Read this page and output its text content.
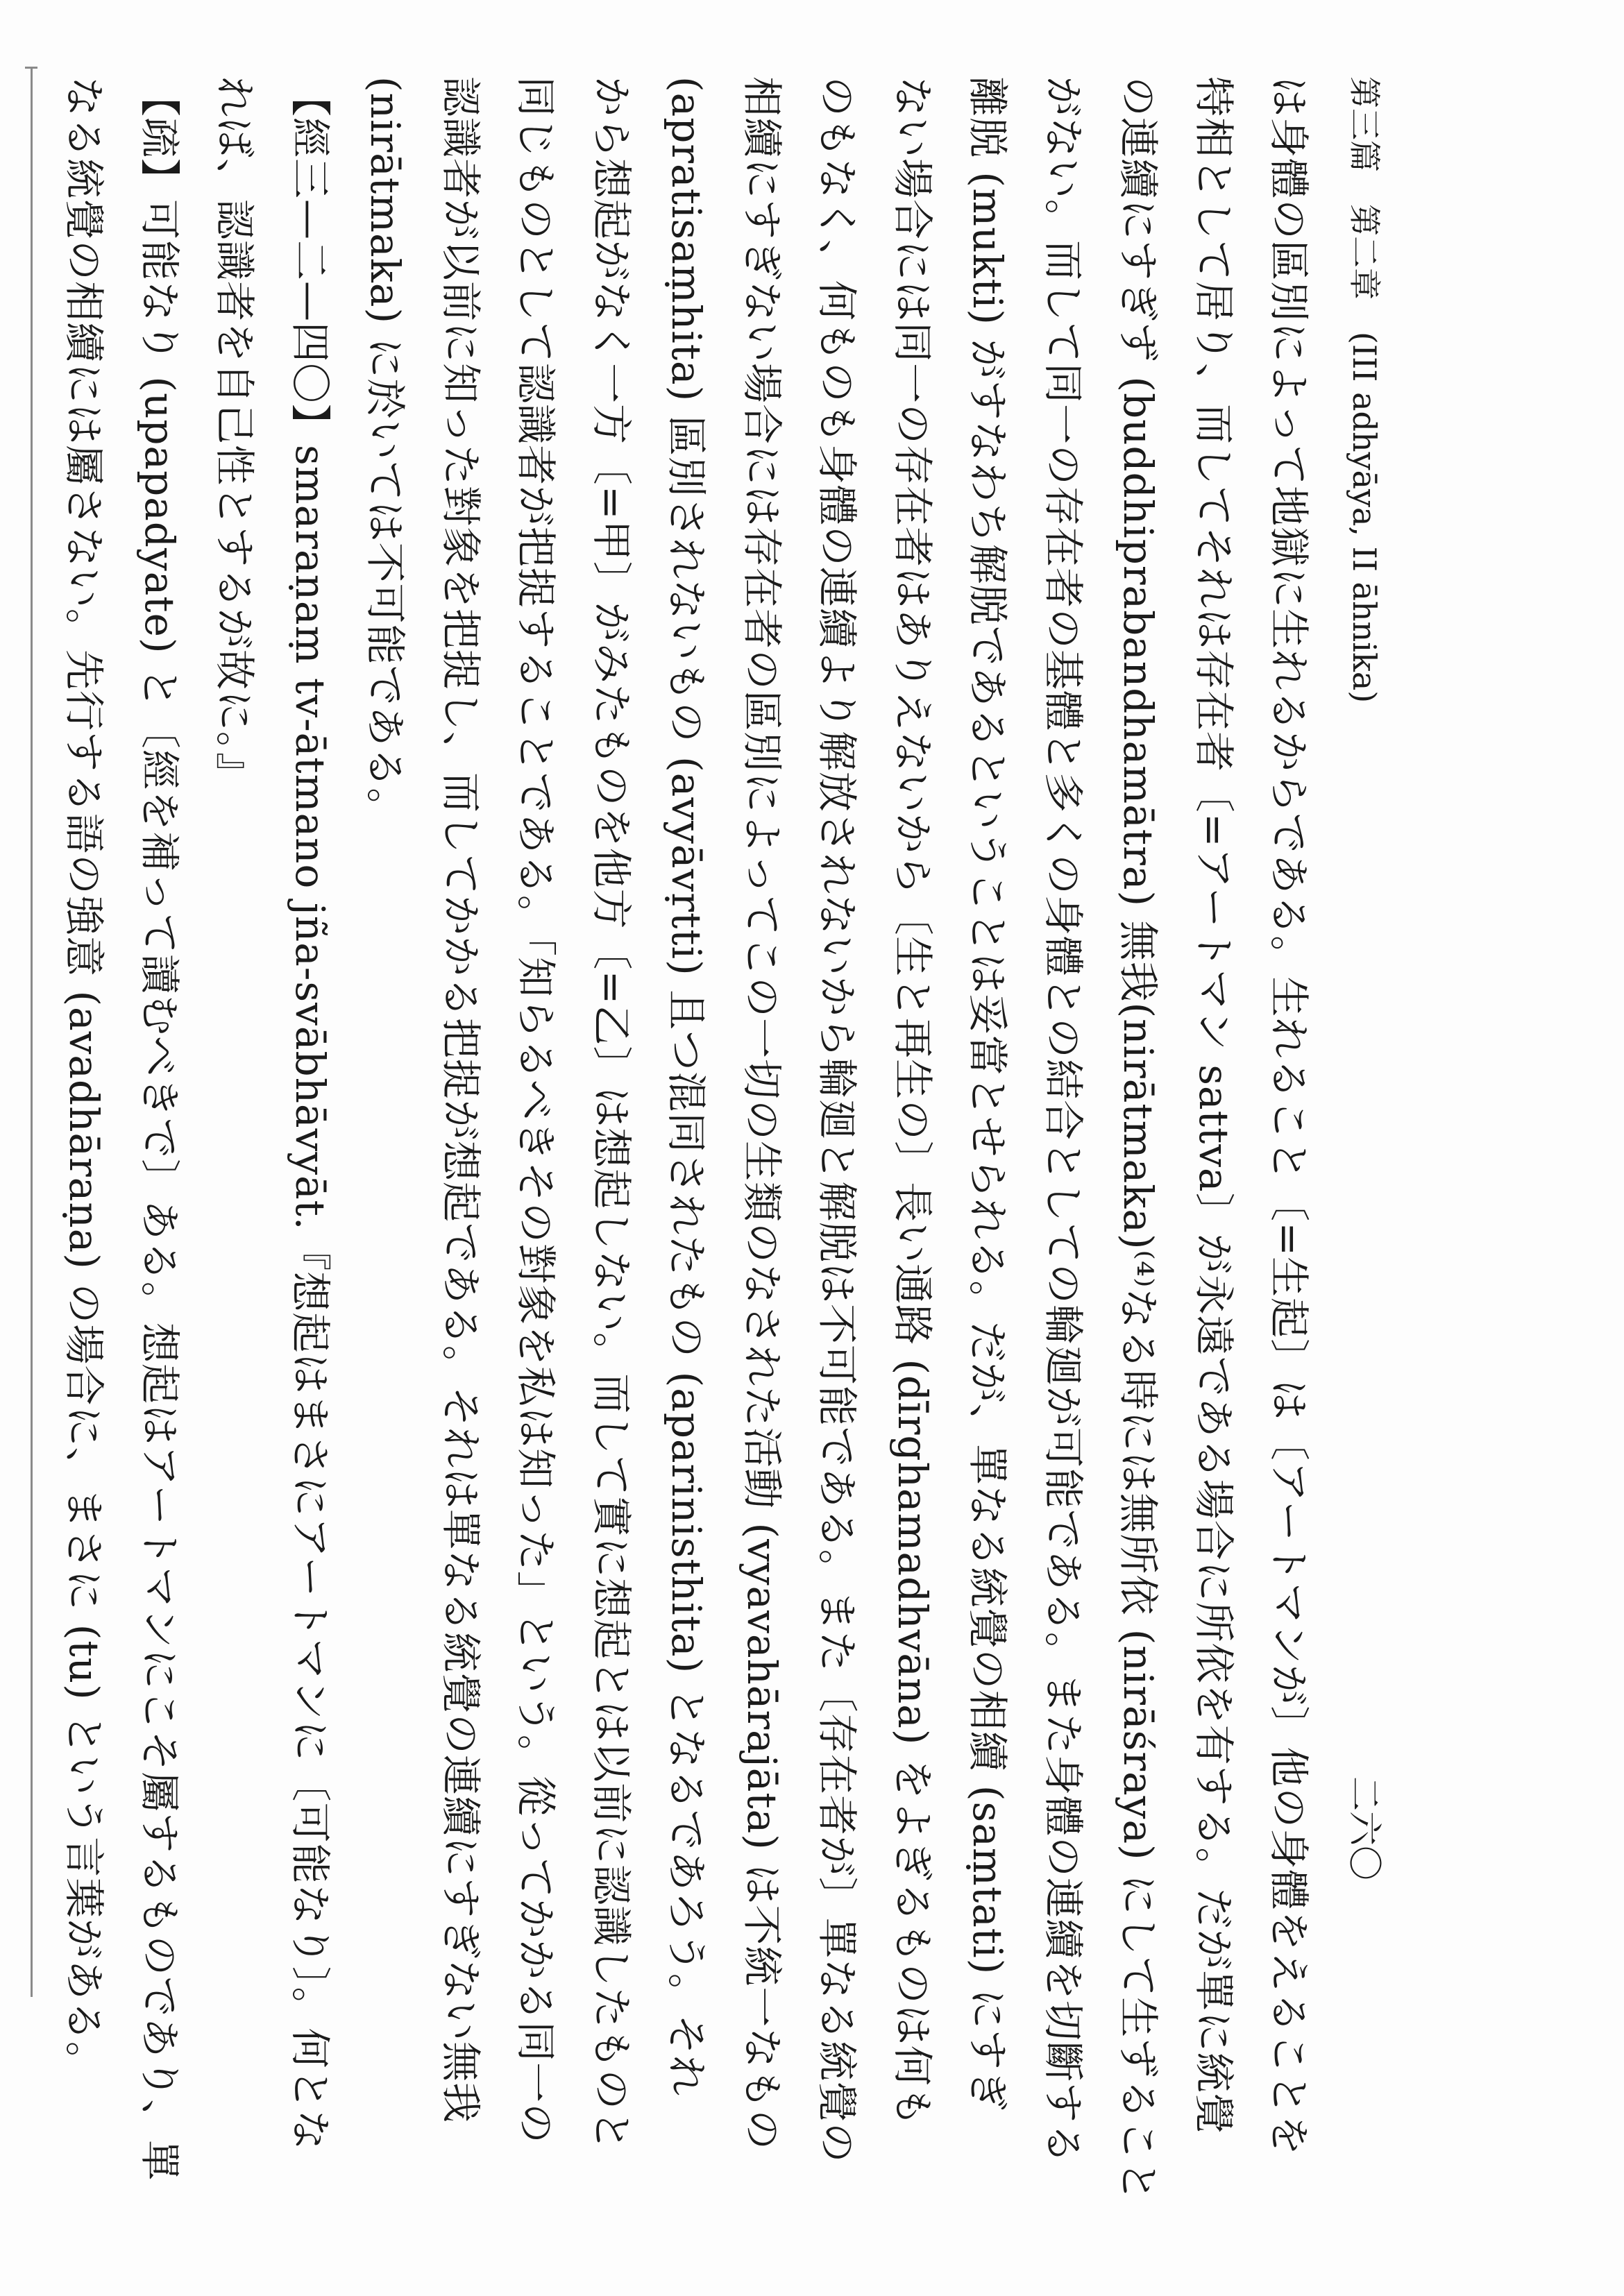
第三篇　第二章　(III adhyāya, II āhnika)
二六〇
は身體の區別によって地獄に生れるからである。生れること〔=生起〕は〔アートマンが〕他の身體をえることを
特相として居り、而してそれは存在者〔=アートマン sattva〕が永遠である場合に所依を有する。だが單に統覺
の連續にすぎず (buddhiprabandhamātra) 無我(nirātmaka)⁽⁴⁾なる時には無所依 (nirāśraya) にして生ずること
がない。而して同一の存在者の基體と多くの身體との結合としての輪廻が可能である。また身體の連續を切斷する
離脱 (mukti) がすなわち解脱であるということは妥當とせられる。だが、單なる統覺の相續 (saṃtati) にすぎ
ない場合には同一の存在者はありえないから〔生と再生の〕長い通路 (dīrghamadhvāna) をよぎるものは何も
のもなく、何ものも身體の連續より解放されないから輪廻と解脱は不可能である。また〔存在者が〕單なる統覺の
相續にすぎない場合には存在者の區別によってこの一切の生類のなされた活動 (vyavahārajāta) は不統一なもの
(apratisaṃhita) 區別されないもの (avyāvṛtti) 且つ混同されたもの (aparinisthita) となるであろう。それ
から想起がなく一方〔=甲〕がみたものを他方〔=乙〕は想起しない。而して實に想起とは以前に認識したものと
同じものとして認識者が把捉することである。「知らるべきその對象を私は知った」という。從ってかかる同一の
認識者が以前に知った對象を把捉し、而してかかる把捉が想起である。それは單なる統覺の連續にすぎない無我
(nirātmaka) に於いては不可能である。
【經三—二—四〇】smaraṇaṃ tv-ātmano jña-svābhāvyāt.『想起はまさにアートマンに〔可能なり〕。何とな
れば、認識者を自己性とするが故に。』
【疏】可能なり (upapadyate) と〔經を補って讀むべきで〕ある。想起はアートマンにこそ屬するものであり、單
なる統覺の相續には屬さない。先行する語の強意 (avadhāraṇa) の場合に、まさに (tu) という言葉がある。
